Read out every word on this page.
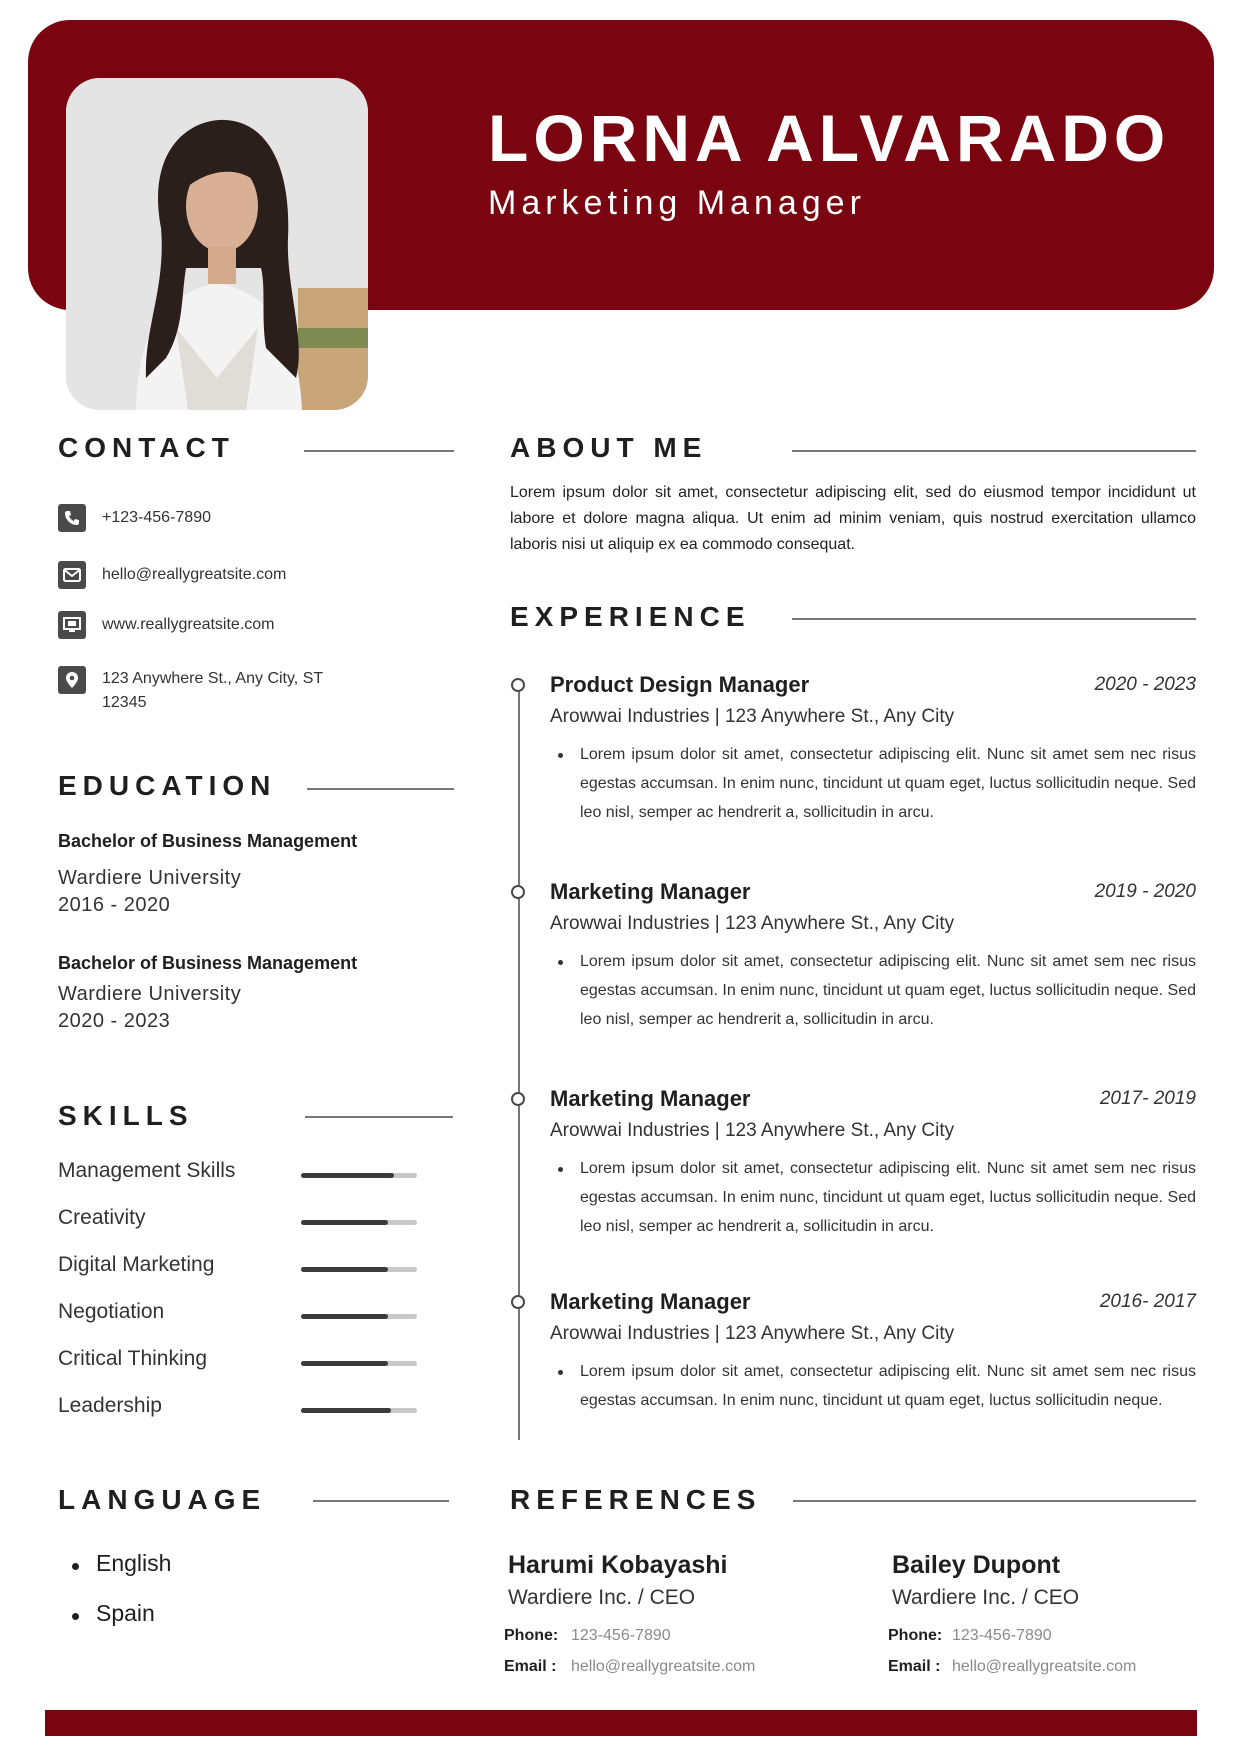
LORNA ALVARADO
Marketing Manager
CONTACT
+123-456-7890
hello@reallygreatsite.com
www.reallygreatsite.com
123 Anywhere St., Any City, ST
12345
EDUCATION
Bachelor of Business Management
Wardiere University
2016 - 2020
Bachelor of Business Management
Wardiere University
2020 - 2023
SKILLS
Management Skills
Creativity
Digital Marketing
Negotiation
Critical Thinking
Leadership
LANGUAGE
English
Spain
ABOUT ME
Lorem ipsum dolor sit amet, consectetur adipiscing elit, sed do eiusmod tempor incididunt ut labore et dolore magna aliqua. Ut enim ad minim veniam, quis nostrud exercitation ullamco laboris nisi ut aliquip ex ea commodo consequat.
EXPERIENCE
Product Design Manager	2020 - 2023
Arowwai Industries | 123 Anywhere St., Any City
Lorem ipsum dolor sit amet, consectetur adipiscing elit. Nunc sit amet sem nec risus egestas accumsan. In enim nunc, tincidunt ut quam eget, luctus sollicitudin neque. Sed leo nisl, semper ac hendrerit a, sollicitudin in arcu.
Marketing Manager	2019 - 2020
Arowwai Industries | 123 Anywhere St., Any City
Lorem ipsum dolor sit amet, consectetur adipiscing elit. Nunc sit amet sem nec risus egestas accumsan. In enim nunc, tincidunt ut quam eget, luctus sollicitudin neque. Sed leo nisl, semper ac hendrerit a, sollicitudin in arcu.
Marketing Manager	2017- 2019
Arowwai Industries | 123 Anywhere St., Any City
Lorem ipsum dolor sit amet, consectetur adipiscing elit. Nunc sit amet sem nec risus egestas accumsan. In enim nunc, tincidunt ut quam eget, luctus sollicitudin neque. Sed leo nisl, semper ac hendrerit a, sollicitudin in arcu.
Marketing Manager	2016- 2017
Arowwai Industries | 123 Anywhere St., Any City
Lorem ipsum dolor sit amet, consectetur adipiscing elit. Nunc sit amet sem nec risus egestas accumsan. In enim nunc, tincidunt ut quam eget, luctus sollicitudin neque.
REFERENCES
Harumi Kobayashi
Wardiere Inc. / CEO
Phone: 123-456-7890
Email : hello@reallygreatsite.com
Bailey Dupont
Wardiere Inc. / CEO
Phone: 123-456-7890
Email : hello@reallygreatsite.com
